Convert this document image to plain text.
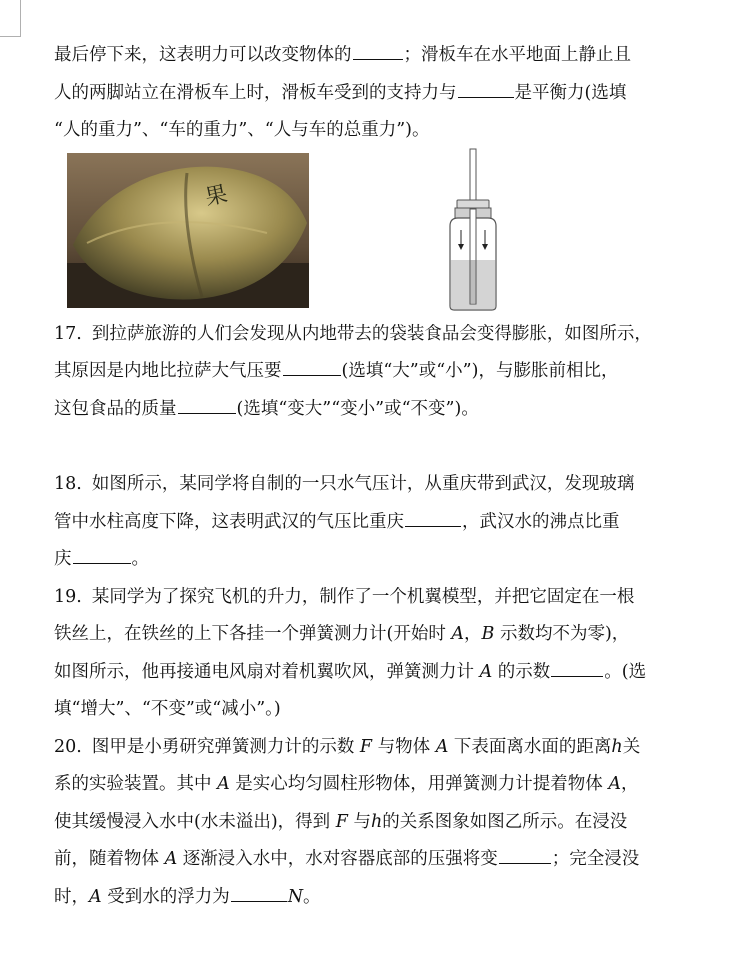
最后停下来，这表明力可以改变物体的	；滑板车在水平地面上静止且
人的两脚站立在滑板车上时，滑板车受到的支持力与	是平衡力(选填
“人的重力”、“车的重力”、“人与车的总重力”)。
果
17. 到拉萨旅游的人们会发现从内地带去的袋装食品会变得膨胀，如图所示，
其原因是内地比拉萨大气压要	(选填“大”或“小”)，与膨胀前相比，
这包食品的质量	(选填“变大”“变小”或“不变”)。
18. 如图所示，某同学将自制的一只水气压计，从重庆带到武汉，发现玻璃
管中水柱高度下降，这表明武汉的气压比重庆	，武汉水的沸点比重
庆	。
19. 某同学为了探究飞机的升力，制作了一个机翼模型，并把它固定在一根
铁丝上，在铁丝的上下各挂一个弹簧测力计(开始时 A，B 示数均不为零)，
如图所示，他再接通电风扇对着机翼吹风，弹簧测力计 A 的示数	。(选
填“增大”、“不变”或“减小”。)
20. 图甲是小勇研究弹簧测力计的示数 F 与物体 A 下表面离水面的距离h关
系的实验装置。其中 A 是实心均匀圆柱形物体，用弹簧测力计提着物体 A，
使其缓慢浸入水中(水未溢出)，得到 F 与h的关系图象如图乙所示。在浸没
前，随着物体 A 逐渐浸入水中，水对容器底部的压强将变	；完全浸没
时，A 受到水的浮力为	N。
